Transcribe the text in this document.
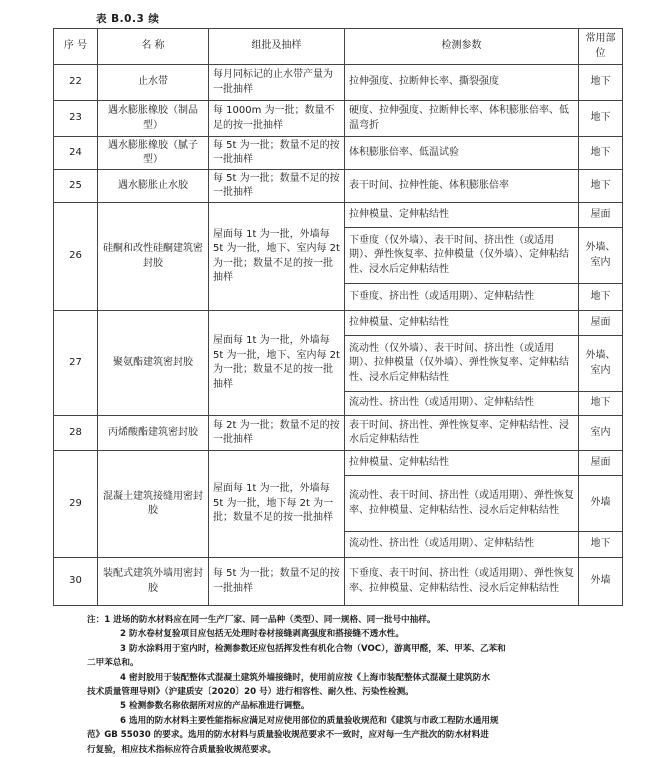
表 B.0.3 续
序 号	名 称	组批及抽样	检测参数	常用部位
22	止水带	每月同标记的止水带产量为一批抽样	拉伸强度、拉断伸长率、撕裂强度	地下
23	遇水膨胀橡胶（制品型）	每 1000m 为一批；数量不足的按一批抽样	硬度、拉伸强度、拉断伸长率、体积膨胀倍率、低温弯折	地下
24	遇水膨胀橡胶（腻子型）	每 5t 为一批；数量不足的按一批抽样	体积膨胀倍率、低温试验	地下
25	遇水膨胀止水胶	每 5t 为一批；数量不足的按一批抽样	表干时间、拉伸性能、体积膨胀倍率	地下
26	硅酮和改性硅酮建筑密封胶	屋面每 1t 为一批，外墙每 5t 为一批，地下、室内每 2t 为一批；数量不足的按一批抽样	拉伸模量、定伸粘结性	屋面
			下垂度（仅外墙）、表干时间、挤出性（或适用期）、弹性恢复率、拉伸模量（仅外墙）、定伸粘结性、浸水后定伸粘结性	外墙、室内
			下垂度、挤出性（或适用期）、定伸粘结性	地下
27	聚氨酯建筑密封胶	屋面每 1t 为一批，外墙每 5t 为一批，地下、室内每 2t 为一批；数量不足的按一批抽样	拉伸模量、定伸粘结性	屋面
			流动性（仅外墙）、表干时间、挤出性（或适用期）、拉伸模量（仅外墙）、弹性恢复率、定伸粘结性、浸水后定伸粘结性	外墙、室内
			流动性、挤出性（或适用期）、定伸粘结性	地下
28	丙烯酸酯建筑密封胶	每 2t 为一批；数量不足的按一批抽样	表干时间、挤出性、弹性恢复率、定伸粘结性、浸水后定伸粘结性	室内
29	混凝土建筑接缝用密封胶	屋面每 1t 为一批，外墙每 5t 为一批，地下每 2t 为一批；数量不足的按一批抽样	拉伸模量、定伸粘结性	屋面
			流动性、表干时间、挤出性（或适用期）、弹性恢复率、拉伸模量、定伸粘结性、浸水后定伸粘结性	外墙
			流动性、挤出性（或适用期）、定伸粘结性	地下
30	装配式建筑外墙用密封胶	每 5t 为一批；数量不足的按一批抽样	下垂度、表干时间、挤出性（或适用期）、弹性恢复率、拉伸模量、定伸粘结性、浸水后定伸粘结性	外墙
注：1 进场的防水材料应在同一生产厂家、同一品种（类型）、同一规格、同一批号中抽样。
2 防水卷材复验项目应包括无处理时卷材接缝剥离强度和搭接缝不透水性。
3 防水涂料用于室内时，检测参数还应包括挥发性有机化合物（VOC），游离甲醛，苯、甲苯、乙苯和
二甲苯总和。
4 密封胶用于装配整体式混凝土建筑外墙接缝时，使用前应按《上海市装配整体式混凝土建筑防水
技术质量管理导则》（沪建质安〔2020〕20 号）进行相容性、耐久性、污染性检测。
5 检测参数名称依据所对应的产品标准进行调整。
6 选用的防水材料主要性能指标应满足对应使用部位的质量验收规范和《建筑与市政工程防水通用规
范》GB 55030 的要求。选用的防水材料与质量验收规范要求不一致时，应对每一生产批次的防水材料进
行复验，相应技术指标应符合质量验收规范要求。
